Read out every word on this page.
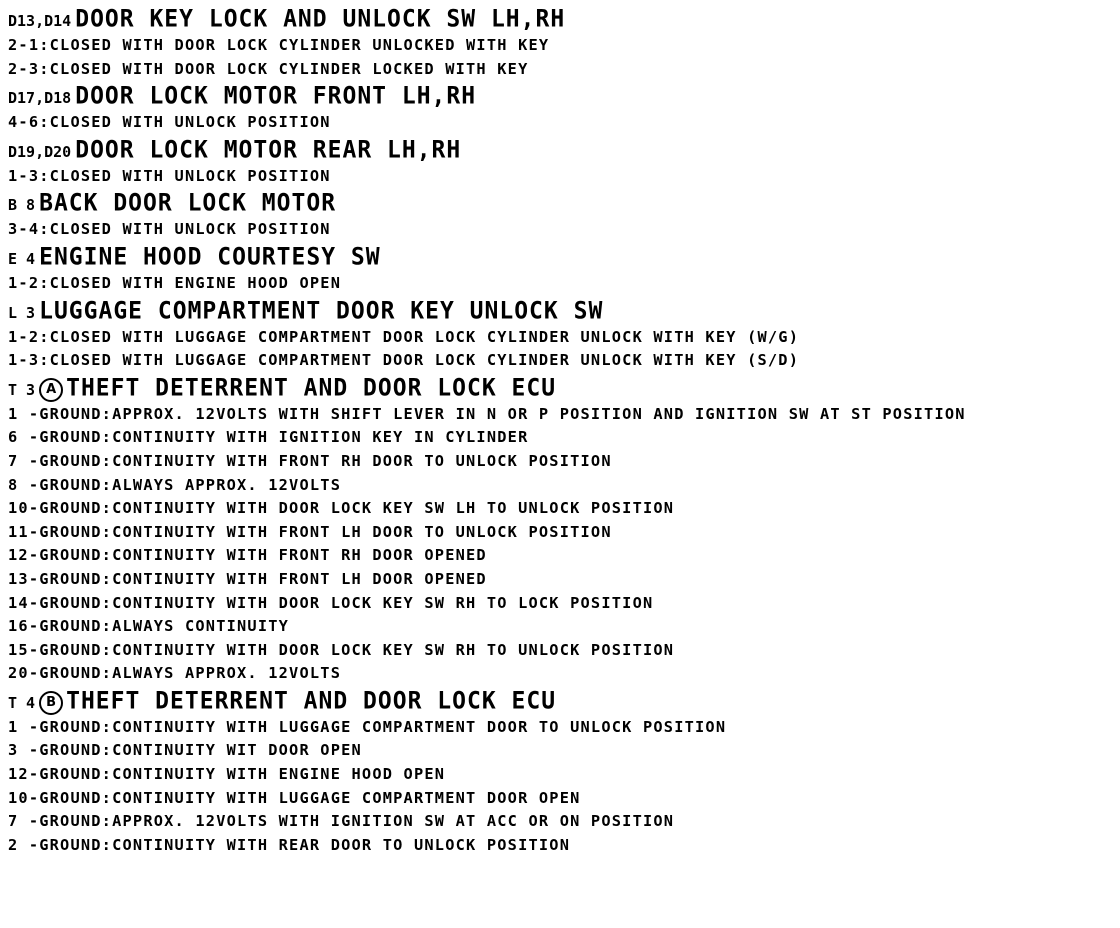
D13,D14 DOOR KEY LOCK AND UNLOCK SW LH,RH
2-1:CLOSED WITH DOOR LOCK CYLINDER UNLOCKED WITH KEY
2-3:CLOSED WITH DOOR LOCK CYLINDER LOCKED WITH KEY
D17,D18 DOOR LOCK MOTOR FRONT LH,RH
4-6:CLOSED WITH UNLOCK POSITION
D19,D20 DOOR LOCK MOTOR REAR LH,RH
1-3:CLOSED WITH UNLOCK POSITION
B 8 BACK DOOR LOCK MOTOR
3-4:CLOSED WITH UNLOCK POSITION
E 4 ENGINE HOOD COURTESY SW
1-2:CLOSED WITH ENGINE HOOD OPEN
L 3 LUGGAGE COMPARTMENT DOOR KEY UNLOCK SW
1-2:CLOSED WITH LUGGAGE COMPARTMENT DOOR LOCK CYLINDER UNLOCK WITH KEY (W/G)
1-3:CLOSED WITH LUGGAGE COMPARTMENT DOOR LOCK CYLINDER UNLOCK WITH KEY (S/D)
T 3 A THEFT DETERRENT AND DOOR LOCK ECU
1 -GROUND:APPROX. 12VOLTS WITH SHIFT LEVER IN N OR P POSITION AND IGNITION SW AT ST POSITION
6 -GROUND:CONTINUITY WITH IGNITION KEY IN CYLINDER
7 -GROUND:CONTINUITY WITH FRONT RH DOOR TO UNLOCK POSITION
8 -GROUND:ALWAYS APPROX. 12VOLTS
10-GROUND:CONTINUITY WITH DOOR LOCK KEY SW LH TO UNLOCK POSITION
11-GROUND:CONTINUITY WITH FRONT LH DOOR TO UNLOCK POSITION
12-GROUND:CONTINUITY WITH FRONT RH DOOR OPENED
13-GROUND:CONTINUITY WITH FRONT LH DOOR OPENED
14-GROUND:CONTINUITY WITH DOOR LOCK KEY SW RH TO LOCK POSITION
16-GROUND:ALWAYS CONTINUITY
15-GROUND:CONTINUITY WITH DOOR LOCK KEY SW RH TO UNLOCK POSITION
20-GROUND:ALWAYS APPROX. 12VOLTS
T 4 B THEFT DETERRENT AND DOOR LOCK ECU
1 -GROUND:CONTINUITY WITH LUGGAGE COMPARTMENT DOOR TO UNLOCK POSITION
3 -GROUND:CONTINUITY WIT DOOR OPEN
12-GROUND:CONTINUITY WITH ENGINE HOOD OPEN
10-GROUND:CONTINUITY WITH LUGGAGE COMPARTMENT DOOR OPEN
7 -GROUND:APPROX. 12VOLTS WITH IGNITION SW AT ACC OR ON POSITION
2 -GROUND:CONTINUITY WITH REAR DOOR TO UNLOCK POSITION
